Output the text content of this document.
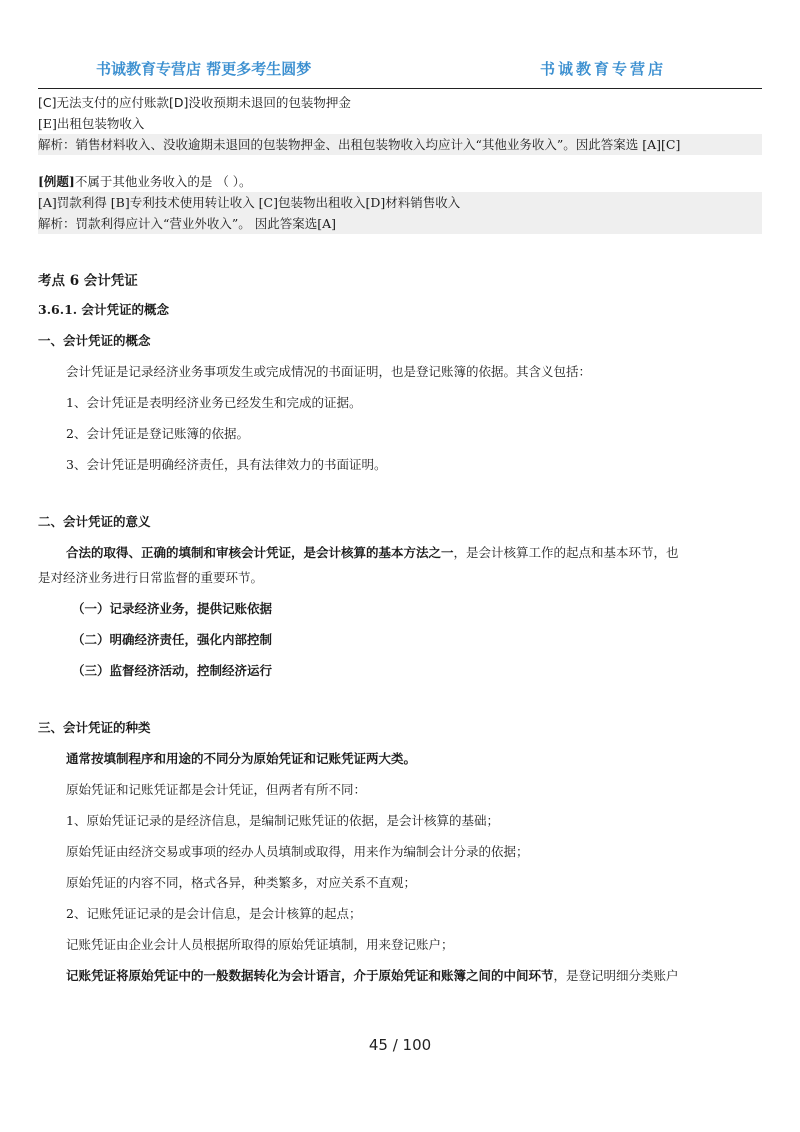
书诚教育专营店 帮更多考生圆梦	书诚教育专营店
[C]无法支付的应付账款[D]没收预期未退回的包装物押金
[E]出租包装物收入
解析：销售材料收入、没收逾期未退回的包装物押金、出租包装物收入均应计入“其他业务收入”。因此答案选 [A][C]
[例题]不属于其他业务收入的是 （ ）。
[A]罚款利得 [B]专利技术使用转让收入 [C]包装物出租收入[D]材料销售收入
解析：罚款利得应计入“营业外收入”。 因此答案选[A]
考点 6 会计凭证
3.6.1. 会计凭证的概念
一、会计凭证的概念
会计凭证是记录经济业务事项发生或完成情况的书面证明，也是登记账簿的依据。其含义包括：
1、会计凭证是表明经济业务已经发生和完成的证据。
2、会计凭证是登记账簿的依据。
3、会计凭证是明确经济责任，具有法律效力的书面证明。
二、会计凭证的意义
合法的取得、正确的填制和审核会计凭证，是会计核算的基本方法之一，是会计核算工作的起点和基本环节，也
是对经济业务进行日常监督的重要环节。
（一）记录经济业务，提供记账依据
（二）明确经济责任，强化内部控制
（三）监督经济活动，控制经济运行
三、会计凭证的种类
通常按填制程序和用途的不同分为原始凭证和记账凭证两大类。
原始凭证和记账凭证都是会计凭证，但两者有所不同：
1、原始凭证记录的是经济信息，是编制记账凭证的依据，是会计核算的基础；
原始凭证由经济交易或事项的经办人员填制或取得，用来作为编制会计分录的依据；
原始凭证的内容不同，格式各异，种类繁多，对应关系不直观；
2、记账凭证记录的是会计信息，是会计核算的起点；
记账凭证由企业会计人员根据所取得的原始凭证填制，用来登记账户；
记账凭证将原始凭证中的一般数据转化为会计语言，介于原始凭证和账簿之间的中间环节，是登记明细分类账户
45 / 100
